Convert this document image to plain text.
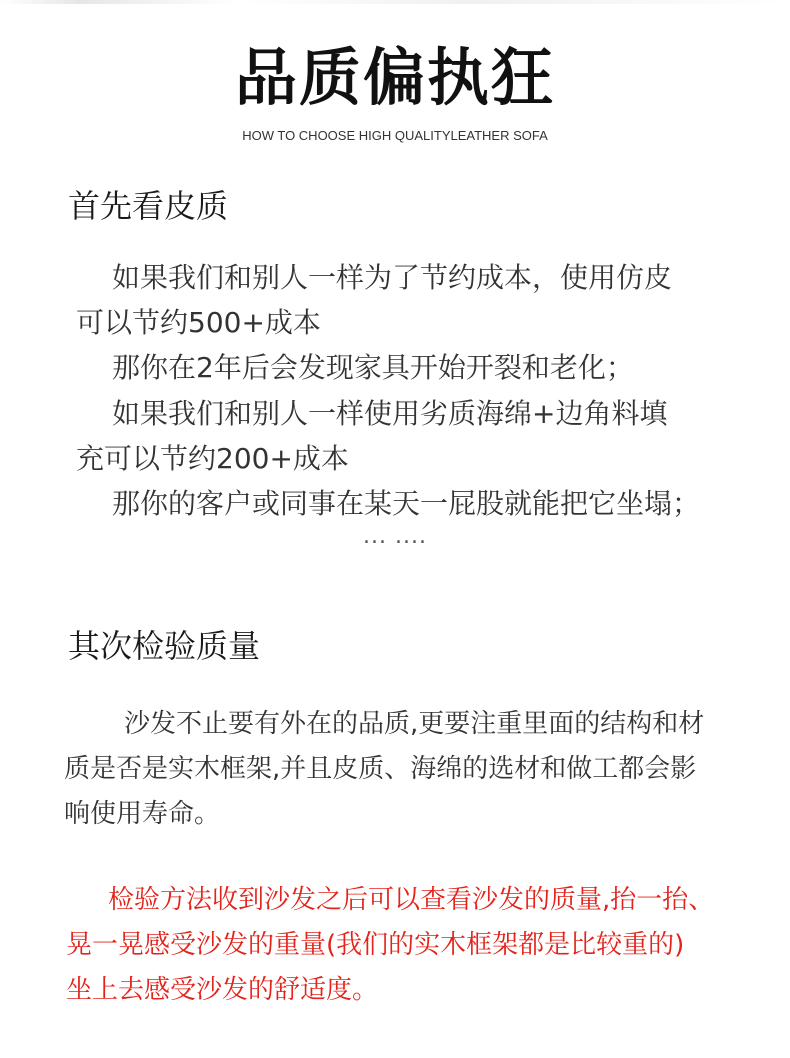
品质偏执狂
HOW TO CHOOSE HIGH QUALITYLEATHER SOFA
首先看皮质
如果我们和别人一样为了节约成本，使用仿皮
可以节约500+成本
那你在2年后会发现家具开始开裂和老化；
如果我们和别人一样使用劣质海绵+边角料填
充可以节约200+成本
那你的客户或同事在某天一屁股就能把它坐塌；
... ....
其次检验质量
沙发不止要有外在的品质,更要注重里面的结构和材
质是否是实木框架,并且皮质、海绵的选材和做工都会影
响使用寿命。
检验方法收到沙发之后可以查看沙发的质量,抬一抬、
晃一晃感受沙发的重量(我们的实木框架都是比较重的)
坐上去感受沙发的舒适度。
